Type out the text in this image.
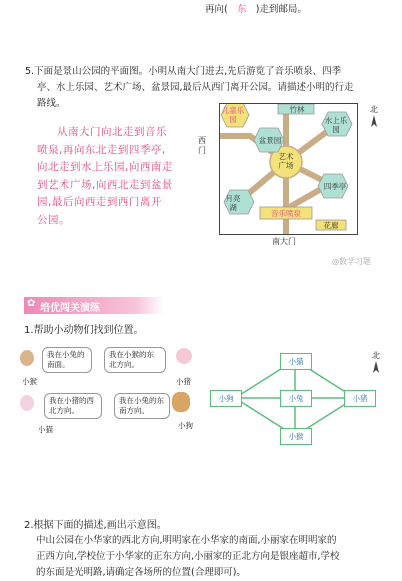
再向( 东 )走到邮局。
5.下面是景山公园的平面图。小明从南大门进去,先后游览了音乐喷泉、四季
亭、水上乐园、艺术广场、盆景园,最后从西门离开公园。请描述小明的行走
路线。
从南大门向北走到音乐
喷泉,再向东北走到四季亭,
向北走到水上乐园,向西南走
到艺术广场,向西北走到盆景
园,最后向西走到西门离开
公园。
西门
北
儿童乐园
竹林
水上乐园
盆景园
艺术广场
四季亭
月亮湖
音乐喷泉
花廊
南大门
◎数学习题
✿ 培优闯关演练
1.帮助小动物们找到位置。
小猴
我在小兔的南面。
我在小猴的东北方向。
小猪
小猫
我在小猪的西北方向。
我在小兔的东南方向。
小狗
北
小猫
小狗	小兔	小猪
小猴
2.根据下面的描述,画出示意图。
中山公园在小华家的西北方向,明明家在小华家的南面,小丽家在明明家的
正西方向,学校位于小华家的正东方向,小丽家的正北方向是银座超市,学校
的东面是光明路,请确定各场所的位置(合理即可)。
